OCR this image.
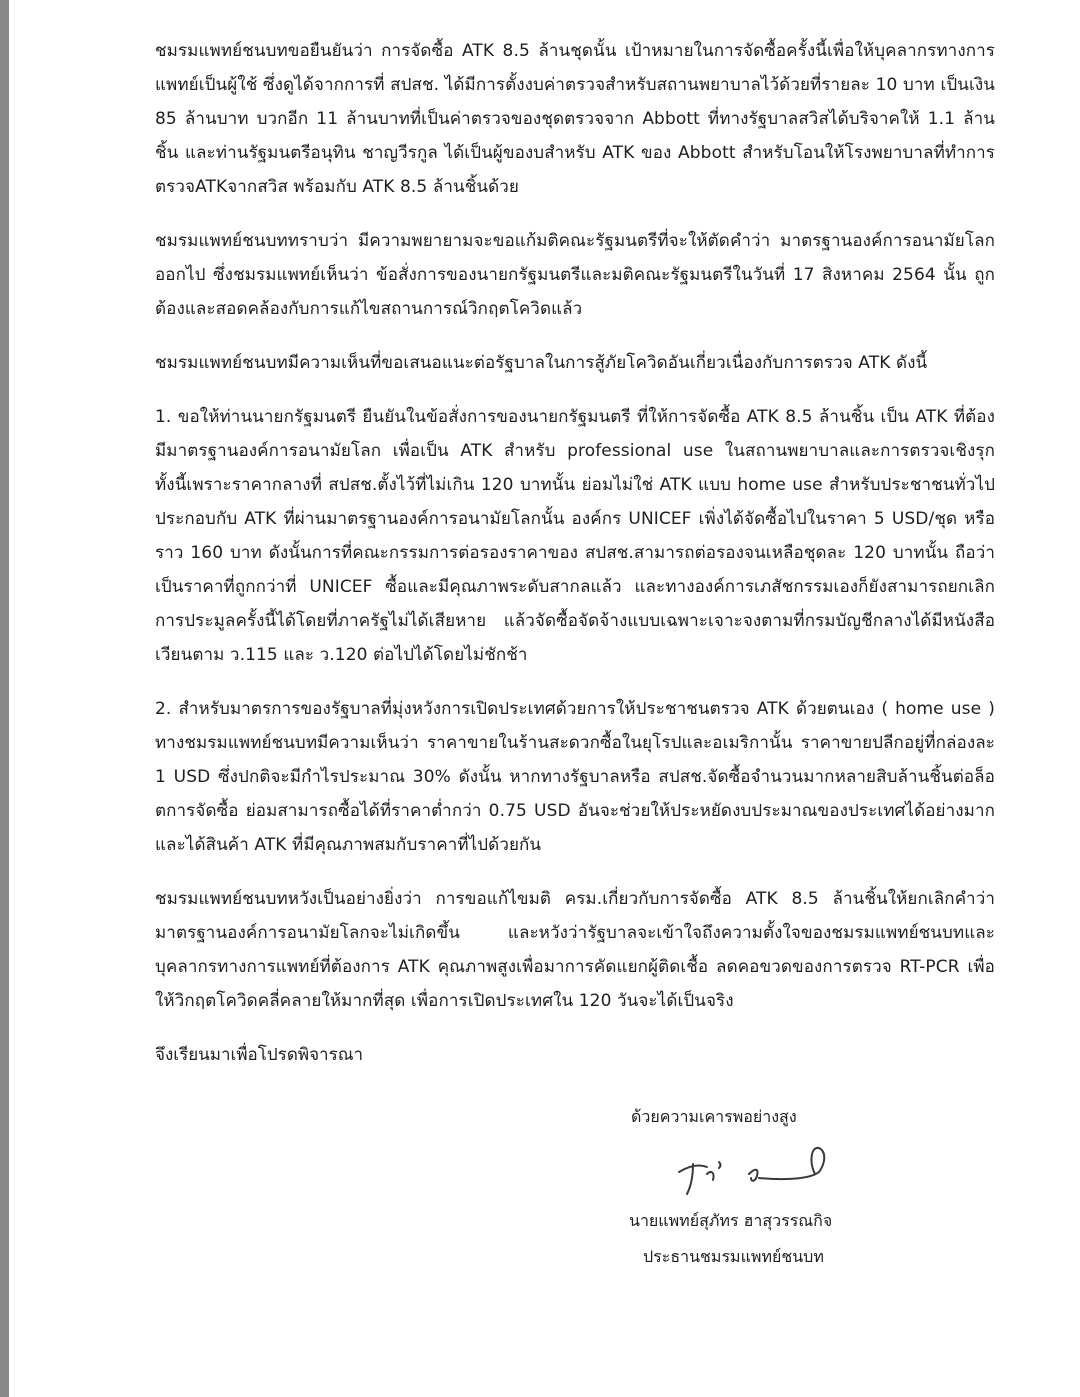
ชมรมแพทย์ชนบทขอยืนยันว่า การจัดซื้อ ATK 8.5 ล้านชุดนั้น เป้าหมายในการจัดซื้อครั้งนี้เพื่อให้บุคลากรทางการแพทย์เป็นผู้ใช้ ซึ่งดูได้จากการที่ สปสช. ได้มีการตั้งงบค่าตรวจสำหรับสถานพยาบาลไว้ด้วยที่รายละ 10 บาท เป็นเงิน 85 ล้านบาท บวกอีก 11 ล้านบาทที่เป็นค่าตรวจของชุดตรวจจาก Abbott ที่ทางรัฐบาลสวิสได้บริจาคให้ 1.1 ล้านชิ้น และท่านรัฐมนตรีอนุทิน ชาญวีรกูล ได้เป็นผู้ของบสำหรับ ATK ของ Abbott สำหรับโอนให้โรงพยาบาลที่ทำการตรวจATKจากสวิส พร้อมกับ ATK 8.5 ล้านชิ้นด้วย

ชมรมแพทย์ชนบททราบว่า มีความพยายามจะขอแก้มติคณะรัฐมนตรีที่จะให้ตัดคำว่า มาตรฐานองค์การอนามัยโลกออกไป ซึ่งชมรมแพทย์เห็นว่า ข้อสั่งการของนายกรัฐมนตรีและมติคณะรัฐมนตรีในวันที่ 17 สิงหาคม 2564 นั้น ถูกต้องและสอดคล้องกับการแก้ไขสถานการณ์วิกฤตโควิดแล้ว

ชมรมแพทย์ชนบทมีความเห็นที่ขอเสนอแนะต่อรัฐบาลในการสู้ภัยโควิดอันเกี่ยวเนื่องกับการตรวจ ATK ดังนี้

1. ขอให้ท่านนายกรัฐมนตรี ยืนยันในข้อสั่งการของนายกรัฐมนตรี ที่ให้การจัดซื้อ ATK 8.5 ล้านชิ้น เป็น ATK ที่ต้องมีมาตรฐานองค์การอนามัยโลก เพื่อเป็น ATK สำหรับ professional use ในสถานพยาบาลและการตรวจเชิงรุก ทั้งนี้เพราะราคากลางที่ สปสช.ตั้งไว้ที่ไม่เกิน 120 บาทนั้น ย่อมไม่ใช่ ATK แบบ home use สำหรับประชาชนทั่วไป ประกอบกับ ATK ที่ผ่านมาตรฐานองค์การอนามัยโลกนั้น องค์กร UNICEF เพิ่งได้จัดซื้อไปในราคา 5 USD/ชุด หรือราว 160 บาท ดังนั้นการที่คณะกรรมการต่อรองราคาของ สปสช.สามารถต่อรองจนเหลือชุดละ 120 บาทนั้น ถือว่าเป็นราคาที่ถูกกว่าที่ UNICEF ซื้อและมีคุณภาพระดับสากลแล้ว และทางองค์การเภสัชกรรมเองก็ยังสามารถยกเลิกการประมูลครั้งนี้ได้โดยที่ภาครัฐไม่ได้เสียหาย แล้วจัดซื้อจัดจ้างแบบเฉพาะเจาะจงตามที่กรมบัญชีกลางได้มีหนังสือเวียนตาม ว.115 และ ว.120 ต่อไปได้โดยไม่ชักช้า

2. สำหรับมาตรการของรัฐบาลที่มุ่งหวังการเปิดประเทศด้วยการให้ประชาชนตรวจ ATK ด้วยตนเอง ( home use ) ทางชมรมแพทย์ชนบทมีความเห็นว่า ราคาขายในร้านสะดวกซื้อในยุโรปและอเมริกานั้น ราคาขายปลีกอยู่ที่กล่องละ 1 USD ซึ่งปกติจะมีกำไรประมาณ 30% ดังนั้น หากทางรัฐบาลหรือ สปสช.จัดซื้อจำนวนมากหลายสิบล้านชิ้นต่อล็อตการจัดซื้อ ย่อมสามารถซื้อได้ที่ราคาต่ำกว่า 0.75 USD อันจะช่วยให้ประหยัดงบประมาณของประเทศได้อย่างมาก และได้สินค้า ATK ที่มีคุณภาพสมกับราคาที่ไปด้วยกัน

ชมรมแพทย์ชนบทหวังเป็นอย่างยิ่งว่า การขอแก้ไขมติ ครม.เกี่ยวกับการจัดซื้อ ATK 8.5 ล้านชิ้นให้ยกเลิกคำว่ามาตรฐานองค์การอนามัยโลกจะไม่เกิดขึ้น และหวังว่ารัฐบาลจะเข้าใจถึงความตั้งใจของชมรมแพทย์ชนบทและบุคลากรทางการแพทย์ที่ต้องการ ATK คุณภาพสูงเพื่อมาการคัดแยกผู้ติดเชื้อ ลดคอขวดของการตรวจ RT-PCR เพื่อให้วิกฤตโควิดคลี่คลายให้มากที่สุด เพื่อการเปิดประเทศใน 120 วันจะได้เป็นจริง

จึงเรียนมาเพื่อโปรดพิจารณา

ด้วยความเคารพอย่างสูง
นายแพทย์สุภัทร ฮาสุวรรณกิจ
ประธานชมรมแพทย์ชนบท
